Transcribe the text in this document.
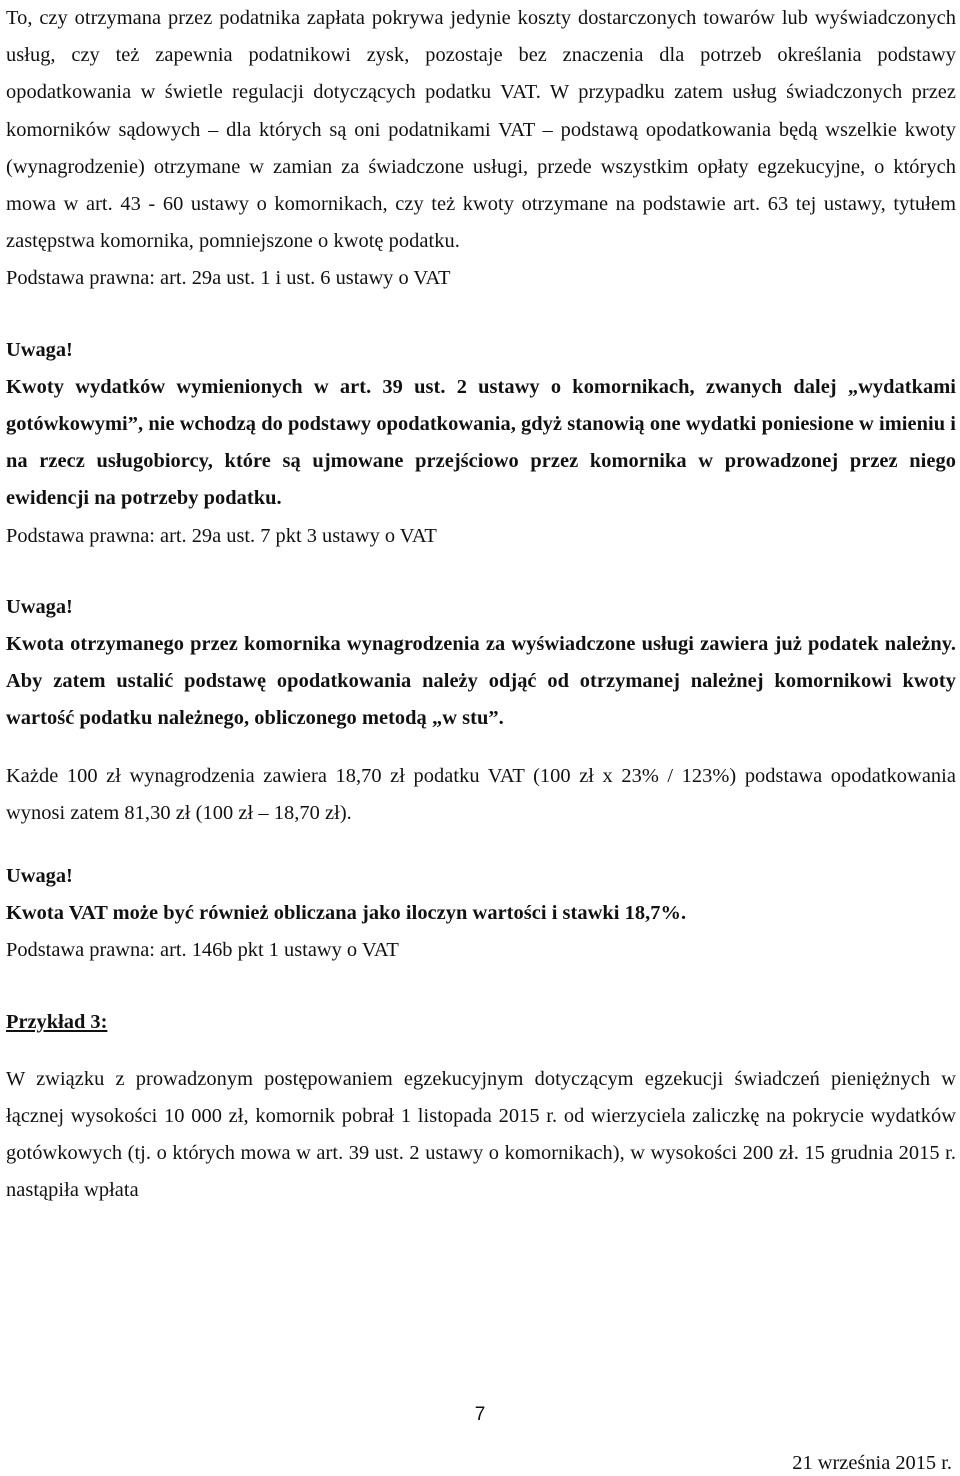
To, czy otrzymana przez podatnika zapłata pokrywa jedynie koszty dostarczonych towarów lub wyświadczonych usług, czy też zapewnia podatnikowi zysk, pozostaje bez znaczenia dla potrzeb określania podstawy opodatkowania w świetle regulacji dotyczących podatku VAT. W przypadku zatem usług świadczonych przez komorników sądowych – dla których są oni podatnikami VAT – podstawą opodatkowania będą wszelkie kwoty (wynagrodzenie) otrzymane w zamian za świadczone usługi, przede wszystkim opłaty egzekucyjne, o których mowa w art. 43 - 60 ustawy o komornikach, czy też kwoty otrzymane na podstawie art. 63 tej ustawy, tytułem zastępstwa komornika, pomniejszone o kwotę podatku.

Podstawa prawna: art. 29a ust. 1 i ust. 6 ustawy o VAT

Uwaga!

Kwoty wydatków wymienionych w art. 39 ust. 2 ustawy o komornikach, zwanych dalej „wydatkami gotówkowymi”, nie wchodzą do podstawy opodatkowania, gdyż stanowią one wydatki poniesione w imieniu i na rzecz usługobiorcy, które są ujmowane przejściowo przez komornika w prowadzonej przez niego ewidencji na potrzeby podatku.

Podstawa prawna: art. 29a ust. 7 pkt 3 ustawy o VAT

Uwaga!

Kwota otrzymanego przez komornika wynagrodzenia za wyświadczone usługi zawiera już podatek należny. Aby zatem ustalić podstawę opodatkowania należy odjąć od otrzymanej należnej komornikowi kwoty wartość podatku należnego, obliczonego metodą „w stu”.

Każde 100 zł wynagrodzenia zawiera 18,70 zł podatku VAT (100 zł x 23% / 123%) podstawa opodatkowania wynosi zatem 81,30 zł (100 zł – 18,70 zł).

Uwaga!

Kwota VAT może być również obliczana jako iloczyn wartości i stawki 18,7%.

Podstawa prawna: art. 146b pkt 1 ustawy o VAT

Przykład 3:

W związku z prowadzonym postępowaniem egzekucyjnym dotyczącym egzekucji świadczeń pieniężnych w łącznej wysokości 10 000 zł, komornik pobrał 1 listopada 2015 r. od wierzyciela zaliczkę na pokrycie wydatków gotówkowych (tj. o których mowa w art. 39 ust. 2 ustawy o komornikach), w wysokości 200 zł. 15 grudnia 2015 r. nastąpiła wpłata

7
21 września 2015 r.
